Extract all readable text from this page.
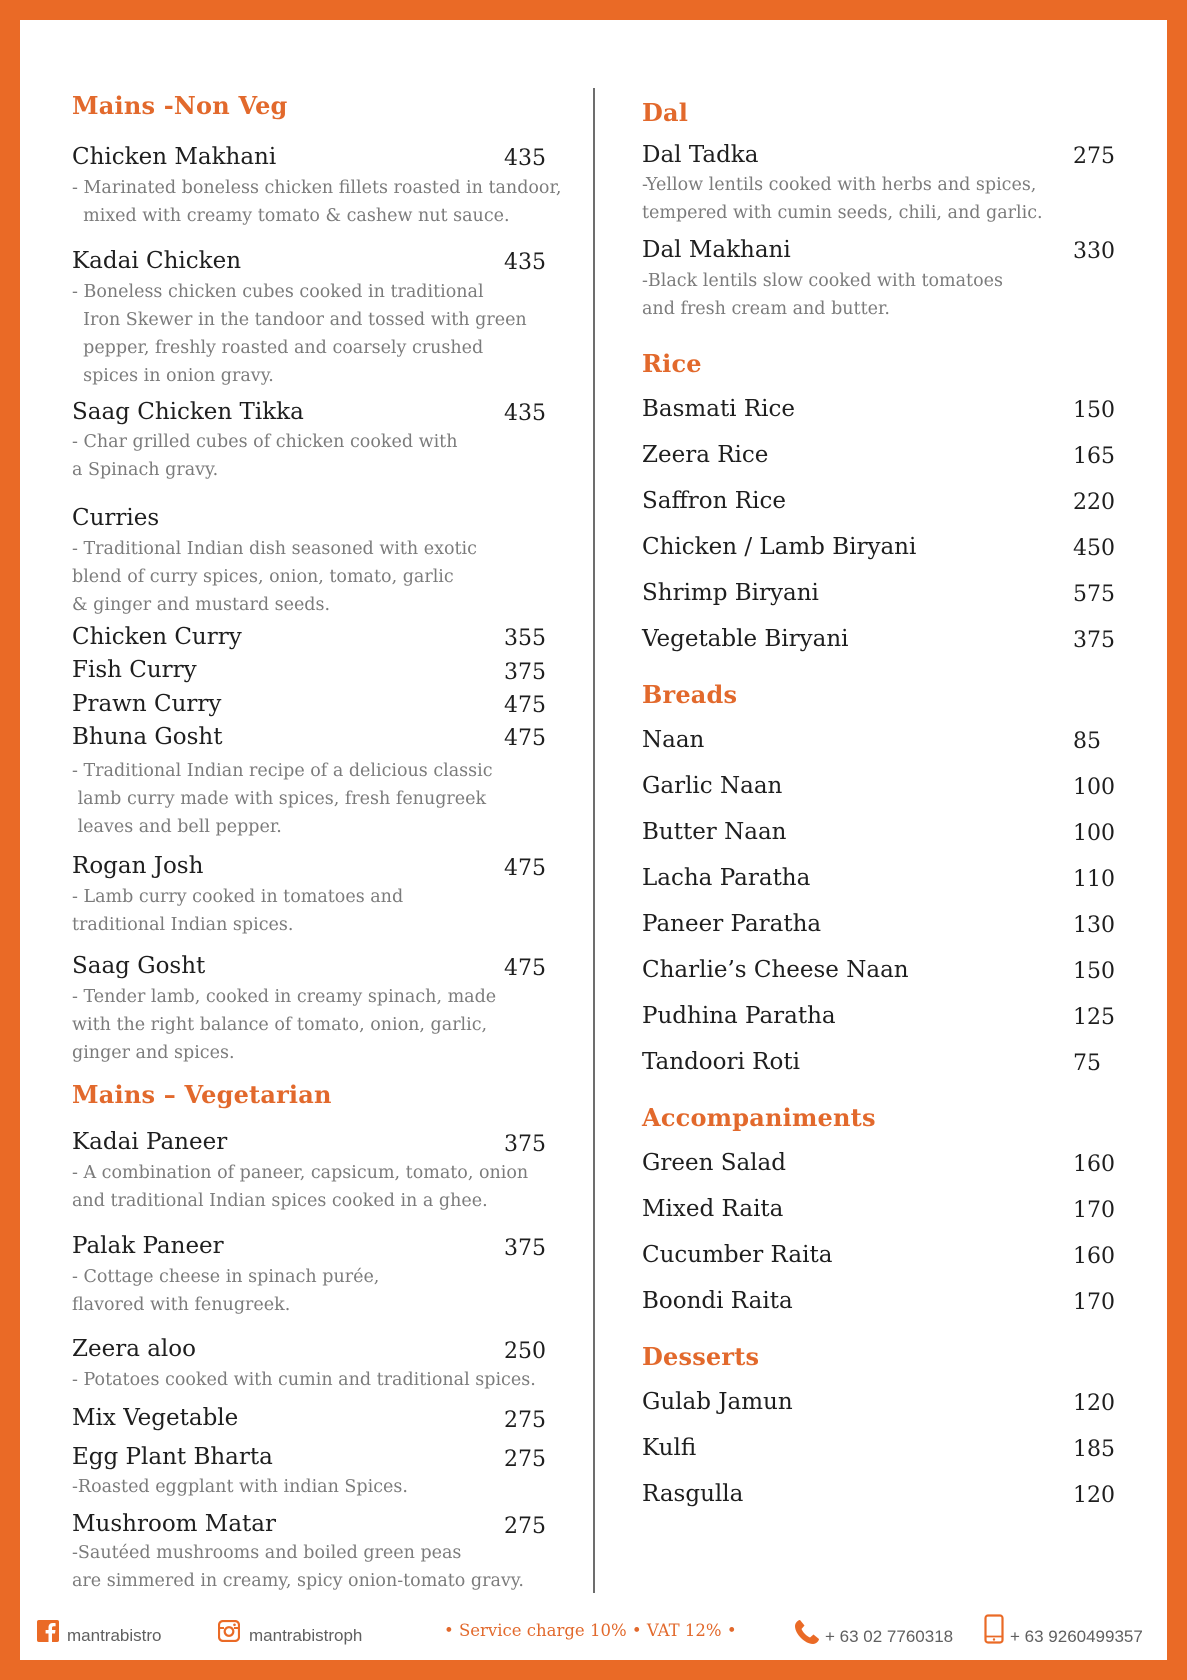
Mains -Non Veg
Chicken Makhani	435
- Marinated boneless chicken fillets roasted in tandoor,
mixed with creamy tomato & cashew nut sauce.
Kadai Chicken	435
- Boneless chicken cubes cooked in traditional
Iron Skewer in the tandoor and tossed with green
pepper, freshly roasted and coarsely crushed
spices in onion gravy.
Saag Chicken Tikka	435
- Char grilled cubes of chicken cooked with
a Spinach gravy.
Curries
- Traditional Indian dish seasoned with exotic
blend of curry spices, onion, tomato, garlic
& ginger and mustard seeds.
Chicken Curry	355
Fish Curry	375
Prawn Curry	475
Bhuna Gosht	475
- Traditional Indian recipe of a delicious classic
lamb curry made with spices, fresh fenugreek
leaves and bell pepper.
Rogan Josh	475
- Lamb curry cooked in tomatoes and
traditional Indian spices.
Saag Gosht	475
- Tender lamb, cooked in creamy spinach, made
with the right balance of tomato, onion, garlic,
ginger and spices.
Mains – Vegetarian
Kadai Paneer	375
- A combination of paneer, capsicum, tomato, onion
and traditional Indian spices cooked in a ghee.
Palak Paneer	375
- Cottage cheese in spinach purée,
flavored with fenugreek.
Zeera aloo	250
- Potatoes cooked with cumin and traditional spices.
Mix Vegetable	275
Egg Plant Bharta	275
-Roasted eggplant with indian Spices.
Mushroom Matar	275
-Sautéed mushrooms and boiled green peas
are simmered in creamy, spicy onion-tomato gravy.
Dal
Dal Tadka	275
-Yellow lentils cooked with herbs and spices,
tempered with cumin seeds, chili, and garlic.
Dal Makhani	330
-Black lentils slow cooked with tomatoes
and fresh cream and butter.
Rice
Basmati Rice	150
Zeera Rice	165
Saffron Rice	220
Chicken / Lamb Biryani	450
Shrimp Biryani	575
Vegetable Biryani	375
Breads
Naan	85
Garlic Naan	100
Butter Naan	100
Lacha Paratha	110
Paneer Paratha	130
Charlie’s Cheese Naan	150
Pudhina Paratha	125
Tandoori Roti	75
Accompaniments
Green Salad	160
Mixed Raita	170
Cucumber Raita	160
Boondi Raita	170
Desserts
Gulab Jamun	120
Kulfi	185
Rasgulla	120
mantrabistro	mantrabistroph	• Service charge 10% • VAT 12% •	+ 63 02 7760318	+ 63 9260499357
